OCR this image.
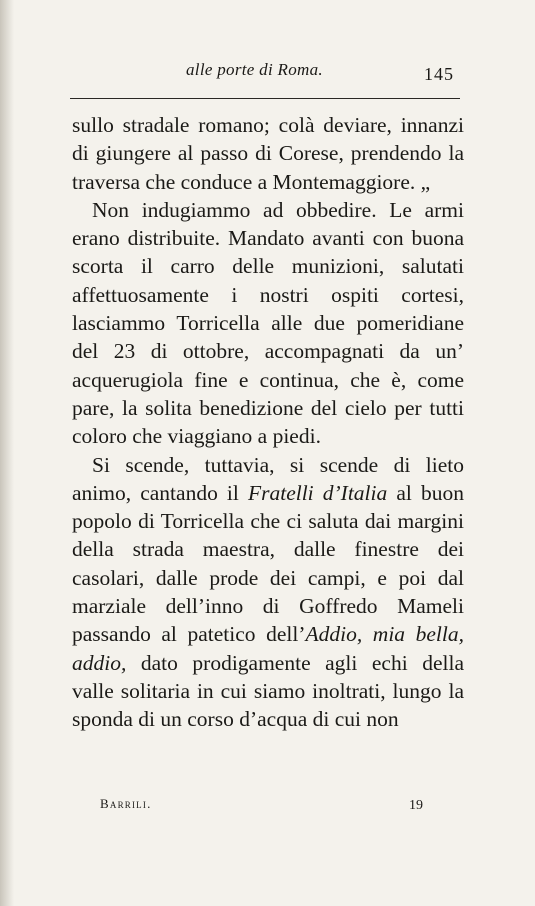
alle porte di Roma.	145

sullo stradale romano; colà deviare, innanzi di giungere al passo di Corese, prendendo la traversa che conduce a Montemaggiore. „

Non indugiammo ad obbedire. Le armi erano distribuite. Mandato avanti con buona scorta il carro delle munizioni, salutati affettuosamente i nostri ospiti cortesi, lasciammo Torricella alle due pomeridiane del 23 di ottobre, accompagnati da un’ acquerugiola fine e continua, che è, come pare, la solita benedizione del cielo per tutti coloro che viaggiano a piedi.

Si scende, tuttavia, si scende di lieto animo, cantando il Fratelli d’Italia al buon popolo di Torricella che ci saluta dai margini della strada maestra, dalle finestre dei casolari, dalle prode dei campi, e poi dal marziale dell’inno di Goffredo Mameli passando al patetico dell’Addio, mia bella, addio, dato prodigamente agli echi della valle solitaria in cui siamo inoltrati, lungo la sponda di un corso d’acqua di cui non

Barrili.	19
